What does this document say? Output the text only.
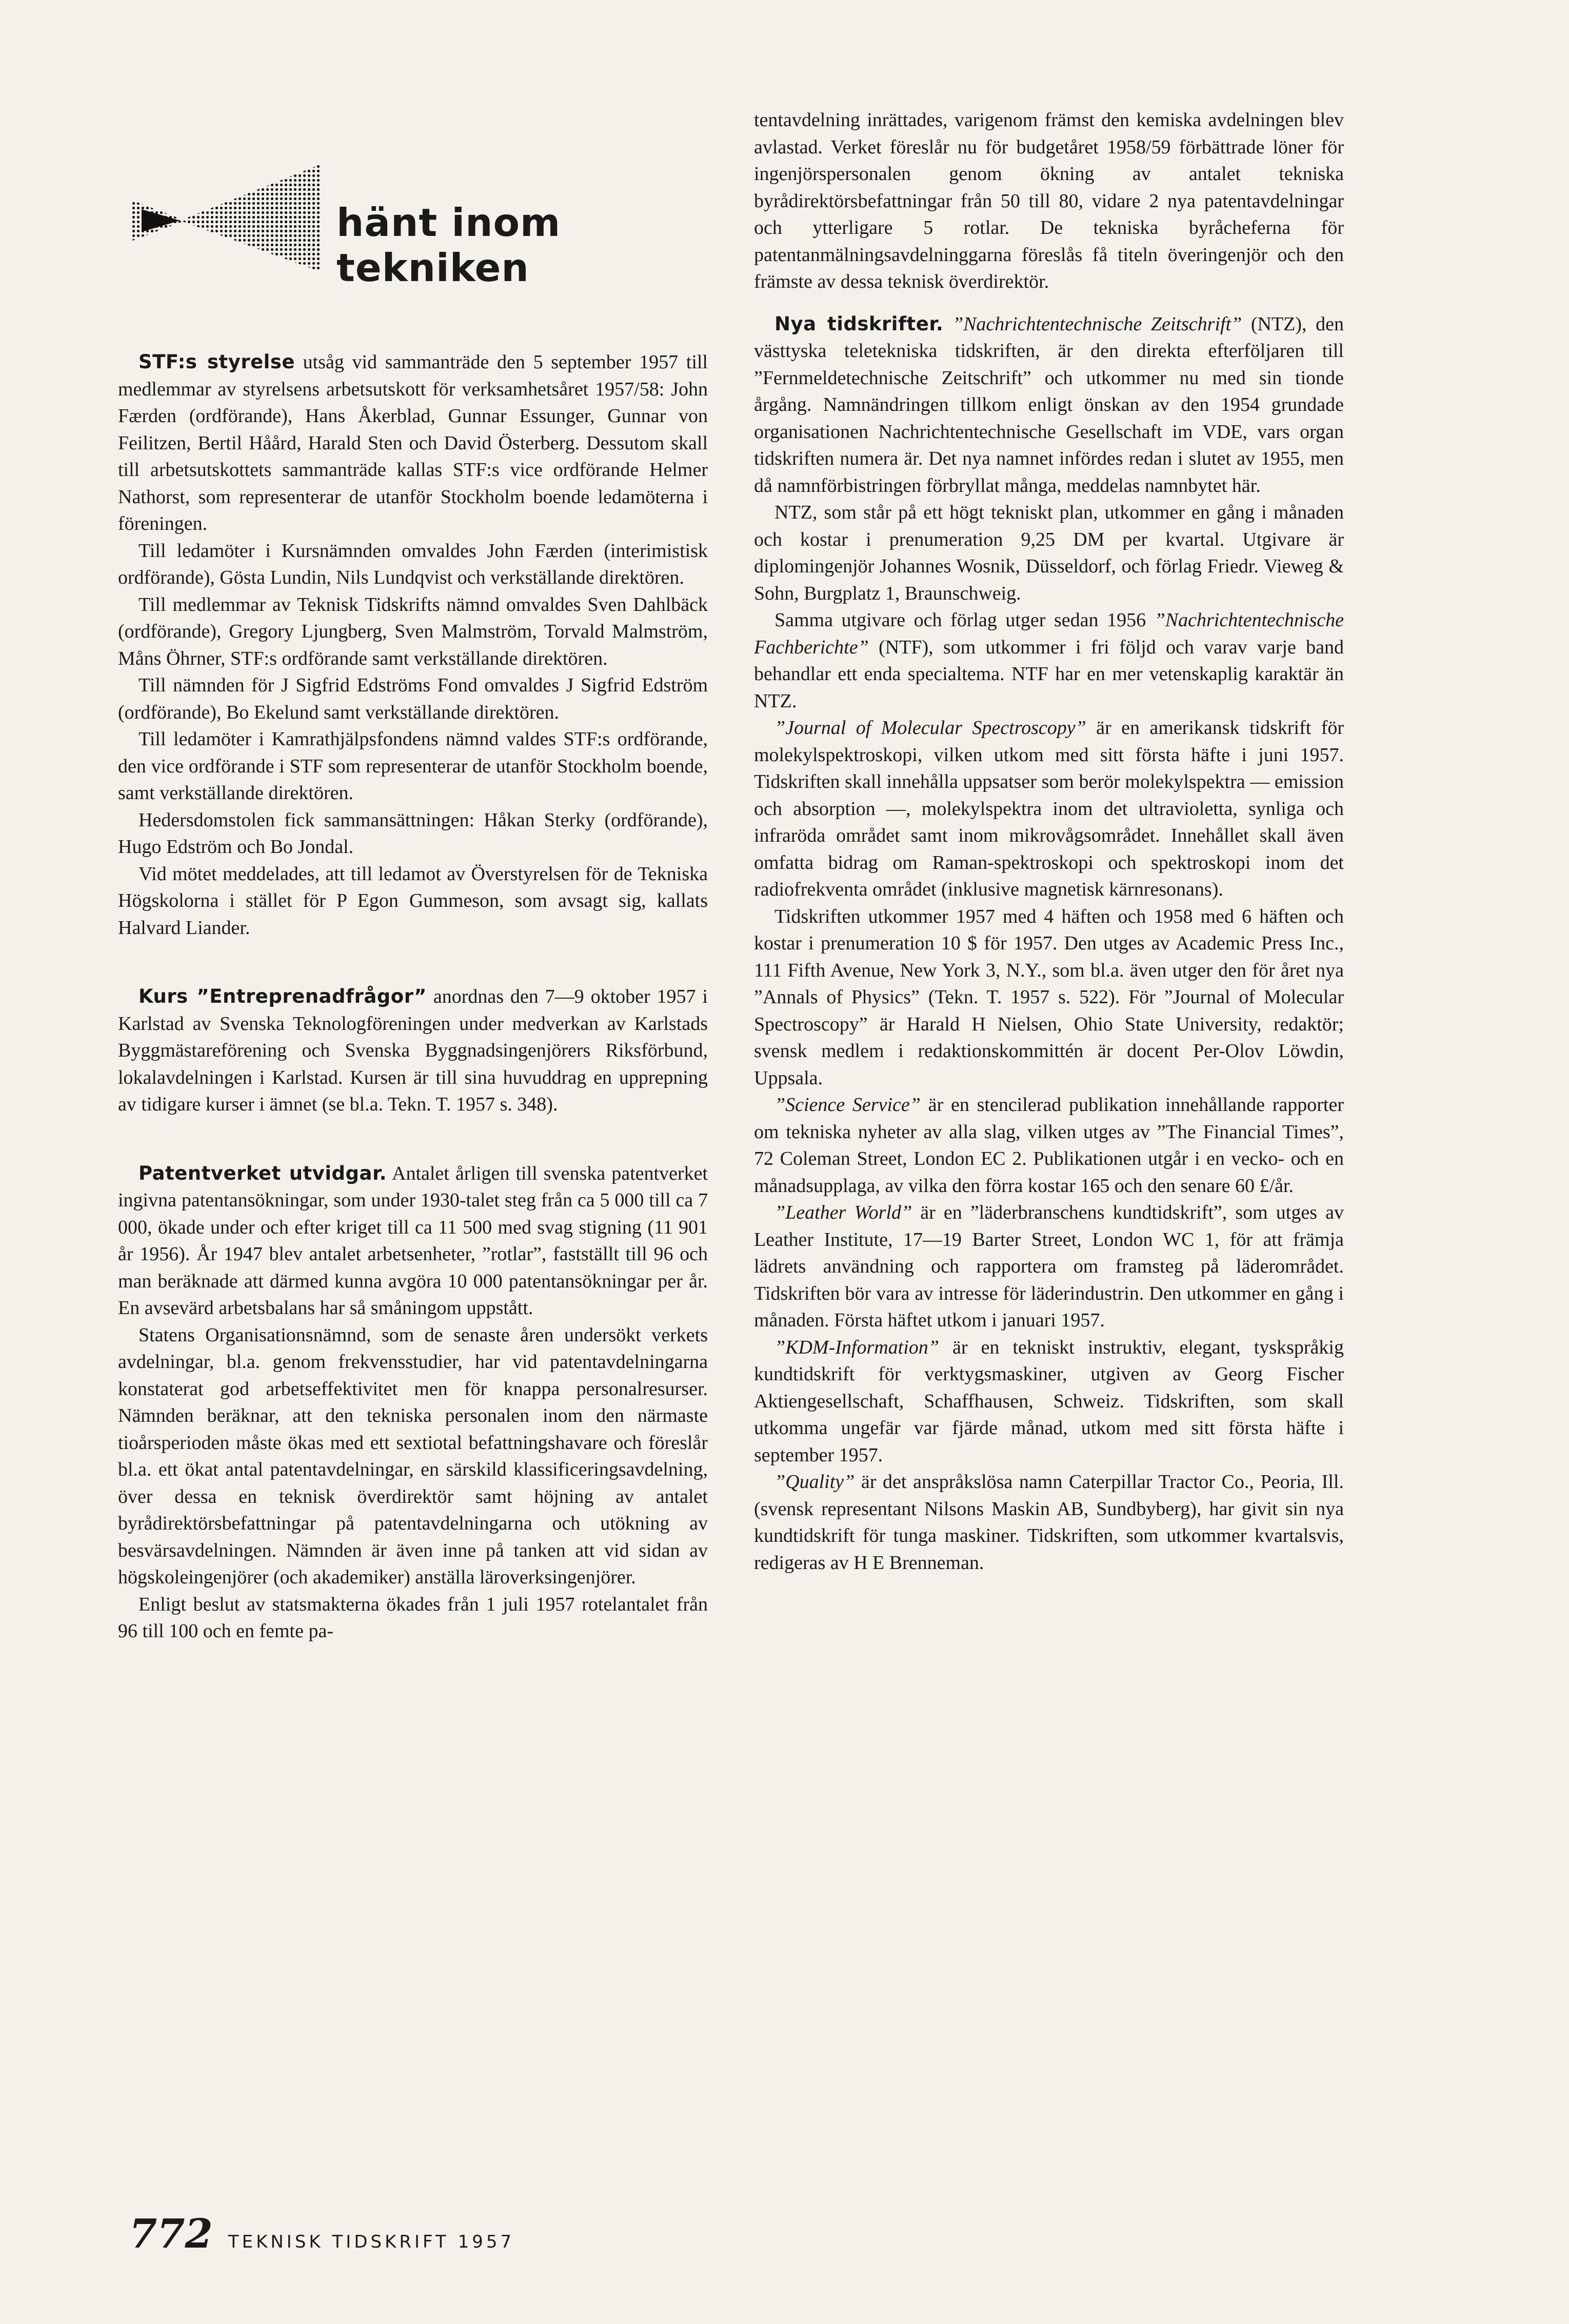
hänt inom tekniken

STF:s styrelse utsåg vid sammanträde den 5 september 1957 till medlemmar av styrelsens arbetsutskott för verksamhetsåret 1957/58: John Færden (ordförande), Hans Åkerblad, Gunnar Essunger, Gunnar von Feilitzen, Bertil Håård, Harald Sten och David Österberg. Dessutom skall till arbetsutskottets sammanträde kallas STF:s vice ordförande Helmer Nathorst, som representerar de utanför Stockholm boende ledamöterna i föreningen.

Till ledamöter i Kursnämnden omvaldes John Færden (interimistisk ordförande), Gösta Lundin, Nils Lundqvist och verkställande direktören.

Till medlemmar av Teknisk Tidskrifts nämnd omvaldes Sven Dahlbäck (ordförande), Gregory Ljungberg, Sven Malmström, Torvald Malmström, Måns Öhrner, STF:s ordförande samt verkställande direktören.

Till nämnden för J Sigfrid Edströms Fond omvaldes J Sigfrid Edström (ordförande), Bo Ekelund samt verkställande direktören.

Till ledamöter i Kamrathjälpsfondens nämnd valdes STF:s ordförande, den vice ordförande i STF som representerar de utanför Stockholm boende, samt verkställande direktören.

Hedersdomstolen fick sammansättningen: Håkan Sterky (ordförande), Hugo Edström och Bo Jondal.

Vid mötet meddelades, att till ledamot av Överstyrelsen för de Tekniska Högskolorna i stället för P Egon Gummeson, som avsagt sig, kallats Halvard Liander.

Kurs ”Entreprenadfrågor” anordnas den 7—9 oktober 1957 i Karlstad av Svenska Teknologföreningen under medverkan av Karlstads Byggmästareförening och Svenska Byggnadsingenjörers Riksförbund, lokalavdelningen i Karlstad. Kursen är till sina huvuddrag en upprepning av tidigare kurser i ämnet (se bl.a. Tekn. T. 1957 s. 348).

Patentverket utvidgar. Antalet årligen till svenska patentverket ingivna patentansökningar, som under 1930-talet steg från ca 5 000 till ca 7 000, ökade under och efter kriget till ca 11 500 med svag stigning (11 901 år 1956). År 1947 blev antalet arbetsenheter, ”rotlar”, fastställt till 96 och man beräknade att därmed kunna avgöra 10 000 patentansökningar per år. En avsevärd arbetsbalans har så småningom uppstått.

Statens Organisationsnämnd, som de senaste åren undersökt verkets avdelningar, bl.a. genom frekvensstudier, har vid patentavdelningarna konstaterat god arbetseffektivitet men för knappa personalresurser. Nämnden beräknar, att den tekniska personalen inom den närmaste tioårsperioden måste ökas med ett sextiotal befattningshavare och föreslår bl.a. ett ökat antal patentavdelningar, en särskild klassificeringsavdelning, över dessa en teknisk överdirektör samt höjning av antalet byrådirektörsbefattningar på patentavdelningarna och utökning av besvärsavdelningen. Nämnden är även inne på tanken att vid sidan av högskoleingenjörer (och akademiker) anställa läroverksingenjörer.

Enligt beslut av statsmakterna ökades från 1 juli 1957 rotelantalet från 96 till 100 och en femte pa-

tentavdelning inrättades, varigenom främst den kemiska avdelningen blev avlastad. Verket föreslår nu för budgetåret 1958/59 förbättrade löner för ingenjörspersonalen genom ökning av antalet tekniska byrådirektörsbefattningar från 50 till 80, vidare 2 nya patentavdelningar och ytterligare 5 rotlar. De tekniska byråcheferna för patentanmälningsavdelninggarna föreslås få titeln överingenjör och den främste av dessa teknisk överdirektör.

Nya tidskrifter. ”Nachrichtentechnische Zeitschrift” (NTZ), den västtyska teletekniska tidskriften, är den direkta efterföljaren till ”Fernmeldetechnische Zeitschrift” och utkommer nu med sin tionde årgång. Namnändringen tillkom enligt önskan av den 1954 grundade organisationen Nachrichtentechnische Gesellschaft im VDE, vars organ tidskriften numera är. Det nya namnet infördes redan i slutet av 1955, men då namnförbistringen förbryllat många, meddelas namnbytet här.

NTZ, som står på ett högt tekniskt plan, utkommer en gång i månaden och kostar i prenumeration 9,25 DM per kvartal. Utgivare är diplomingenjör Johannes Wosnik, Düsseldorf, och förlag Friedr. Vieweg & Sohn, Burgplatz 1, Braunschweig.

Samma utgivare och förlag utger sedan 1956 ”Nachrichtentechnische Fachberichte” (NTF), som utkommer i fri följd och varav varje band behandlar ett enda specialtema. NTF har en mer vetenskaplig karaktär än NTZ.

”Journal of Molecular Spectroscopy” är en amerikansk tidskrift för molekylspektroskopi, vilken utkom med sitt första häfte i juni 1957. Tidskriften skall innehålla uppsatser som berör molekylspektra — emission och absorption —, molekylspektra inom det ultravioletta, synliga och infraröda området samt inom mikrovågsområdet. Innehållet skall även omfatta bidrag om Raman-spektroskopi och spektroskopi inom det radiofrekventa området (inklusive magnetisk kärnresonans).

Tidskriften utkommer 1957 med 4 häften och 1958 med 6 häften och kostar i prenumeration 10 $ för 1957. Den utges av Academic Press Inc., 111 Fifth Avenue, New York 3, N.Y., som bl.a. även utger den för året nya ”Annals of Physics” (Tekn. T. 1957 s. 522). För ”Journal of Molecular Spectroscopy” är Harald H Nielsen, Ohio State University, redaktör; svensk medlem i redaktionskommittén är docent Per-Olov Löwdin, Uppsala.

”Science Service” är en stencilerad publikation innehållande rapporter om tekniska nyheter av alla slag, vilken utges av ”The Financial Times”, 72 Coleman Street, London EC 2. Publikationen utgår i en vecko- och en månadsupplaga, av vilka den förra kostar 165 och den senare 60 £/år.

”Leather World” är en ”läderbranschens kundtidskrift”, som utges av Leather Institute, 17—19 Barter Street, London WC 1, för att främja lädrets användning och rapportera om framsteg på läderområdet. Tidskriften bör vara av intresse för läderindustrin. Den utkommer en gång i månaden. Första häftet utkom i januari 1957.

”KDM-Information” är en tekniskt instruktiv, elegant, tyskspråkig kundtidskrift för verktygsmaskiner, utgiven av Georg Fischer Aktiengesellschaft, Schaffhausen, Schweiz. Tidskriften, som skall utkomma ungefär var fjärde månad, utkom med sitt första häfte i september 1957.

”Quality” är det anspråkslösa namn Caterpillar Tractor Co., Peoria, Ill. (svensk representant Nilsons Maskin AB, Sundbyberg), har givit sin nya kundtidskrift för tunga maskiner. Tidskriften, som utkommer kvartalsvis, redigeras av H E Brenneman.

772 TEKNISK TIDSKRIFT 1957
